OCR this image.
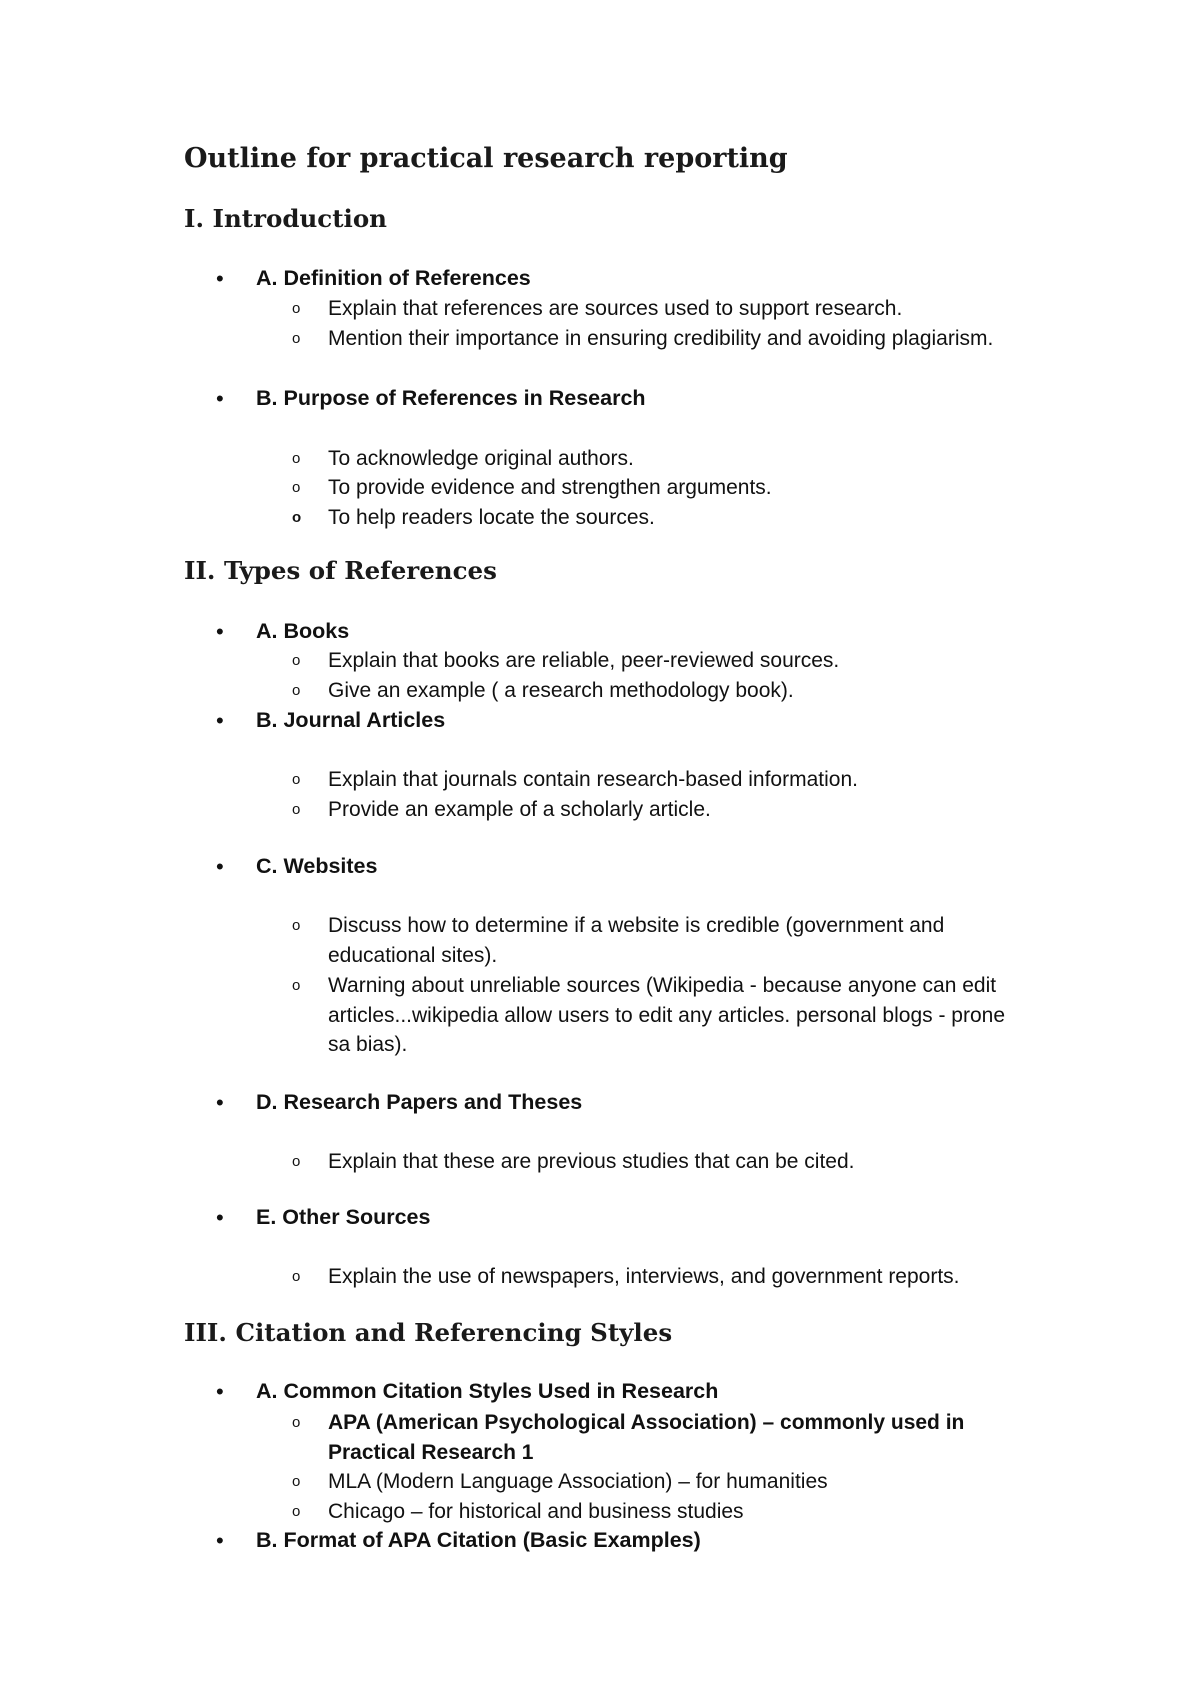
Outline for practical research reporting
I. Introduction
• A. Definition of References
o Explain that references are sources used to support research.
o Mention their importance in ensuring credibility and avoiding plagiarism.
• B. Purpose of References in Research
o To acknowledge original authors.
o To provide evidence and strengthen arguments.
o To help readers locate the sources.
II. Types of References
• A. Books
o Explain that books are reliable, peer-reviewed sources.
o Give an example ( a research methodology book).
• B. Journal Articles
o Explain that journals contain research-based information.
o Provide an example of a scholarly article.
• C. Websites
o Discuss how to determine if a website is credible (government and educational sites).
o Warning about unreliable sources (Wikipedia - because anyone can edit articles...wikipedia allow users to edit any articles. personal blogs - prone sa bias).
• D. Research Papers and Theses
o Explain that these are previous studies that can be cited.
• E. Other Sources
o Explain the use of newspapers, interviews, and government reports.
III. Citation and Referencing Styles
• A. Common Citation Styles Used in Research
o APA (American Psychological Association) – commonly used in Practical Research 1
o MLA (Modern Language Association) – for humanities
o Chicago – for historical and business studies
• B. Format of APA Citation (Basic Examples)
